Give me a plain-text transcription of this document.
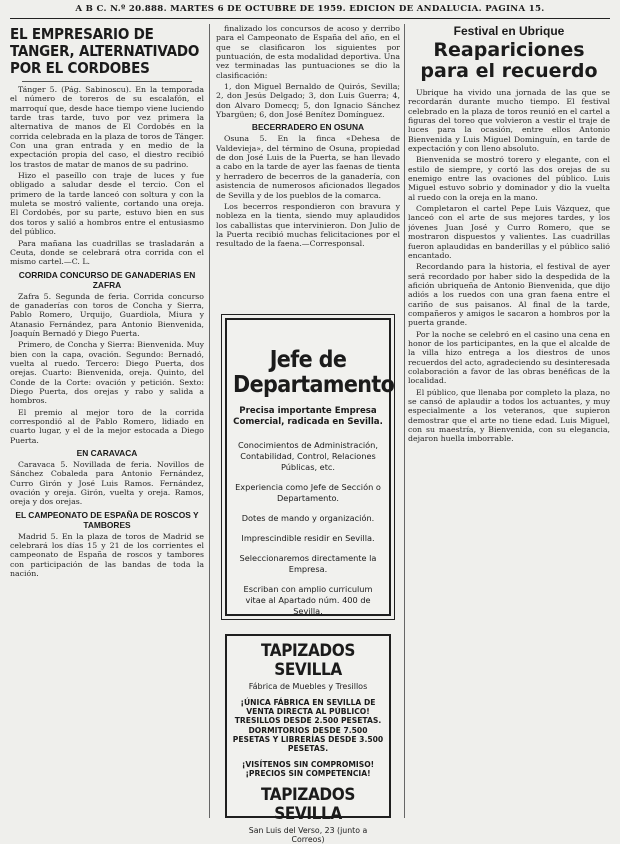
A B C. N.º 20.888. MARTES 6 DE OCTUBRE DE 1959. EDICION DE ANDALUCIA. PAGINA 15.
EL EMPRESARIO DE TANGER, ALTERNATIVADO POR EL CORDOBES

Tánger 5. (Pág. Sabinoscu). En la temporada el número de toreros de su escalafón, el marroquí que, desde hace tiempo viene luciendo tarde tras tarde, tuvo por vez primera la alternativa de manos de El Cordobés en la corrida celebrada en la plaza de toros de Tánger. Con una gran entrada y en medio de la expectación propia del caso, el diestro recibió los trastos de matar de manos de su padrino.

Hizo el paseíllo con traje de luces y fue obligado a saludar desde el tercio. Con el primero de la tarde lanceó con soltura y con la muleta se mostró valiente, cortando una oreja. El Cordobés, por su parte, estuvo bien en sus dos toros y salió a hombros entre el entusiasmo del público.

Para mañana las cuadrillas se trasladarán a Ceuta, donde se celebrará otra corrida con el mismo cartel.—C. L.

CORRIDA CONCURSO DE GANADERIAS EN ZAFRA

Zafra 5. Segunda de feria. Corrida concurso de ganaderías con toros de Concha y Sierra, Pablo Romero, Urquijo, Guardiola, Miura y Atanasio Fernández, para Antonio Bienvenida, Joaquín Bernadó y Diego Puerta.

Primero, de Concha y Sierra: Bienvenida. Muy bien con la capa, ovación. Segundo: Bernadó, vuelta al ruedo. Tercero: Diego Puerta, dos orejas. Cuarto: Bienvenida, oreja. Quinto, del Conde de la Corte: ovación y petición. Sexto: Diego Puerta, dos orejas y rabo y salida a hombros.

El premio al mejor toro de la corrida correspondió al de Pablo Romero, lidiado en cuarto lugar, y el de la mejor estocada a Diego Puerta.

EN CARAVACA

Caravaca 5. Novillada de feria. Novillos de Sánchez Cobaleda para Antonio Fernández, Curro Girón y José Luis Ramos. Fernández, ovación y oreja. Girón, vuelta y oreja. Ramos, oreja y dos orejas.

EL CAMPEONATO DE ESPAÑA DE ROSCOS Y TAMBORES

Madrid 5. En la plaza de toros de Madrid se celebrará los días 15 y 21 de los corrientes el campeonato de España de roscos y tambores con participación de las bandas de toda la nación.

finalizado los concursos de acoso y derribo para el Campeonato de España del año, en el que se clasificaron los siguientes por puntuación, de esta modalidad deportiva. Una vez terminadas las puntuaciones se dio la clasificación:

1, don Miguel Bernaldo de Quirós, Sevilla; 2, don Jesús Delgado; 3, don Luis Guerra; 4, don Alvaro Domecq; 5, don Ignacio Sánchez Ybargüen; 6, don José Benítez Domínguez.

BECERRADERO EN OSUNA

Osuna 5. En la finca «Dehesa de Valdevieja», del término de Osuna, propiedad de don José Luis de la Puerta, se han llevado a cabo en la tarde de ayer las faenas de tienta y herradero de becerros de la ganadería, con asistencia de numerosos aficionados llegados de Sevilla y de los pueblos de la comarca.

Los becerros respondieron con bravura y nobleza en la tienta, siendo muy aplaudidos los caballistas que intervinieron. Don Julio de la Puerta recibió muchas felicitaciones por el resultado de la faena.—Corresponsal.

Jefe de Departamento
Precisa importante Empresa Comercial, radicada en Sevilla.
Conocimientos de Administración, Contabilidad, Control, Relaciones Públicas, etc.
Experiencia como Jefe de Sección o Departamento.
Dotes de mando y organización.
Imprescindible residir en Sevilla.
Seleccionaremos directamente la Empresa.
Escriban con amplio curriculum vitae al Apartado núm. 400 de Sevilla.
TAPIZADOS SEVILLA
Fábrica de Muebles y Tresillos
¡ÚNICA FÁBRICA EN SEVILLA DE VENTA DIRECTA AL PÚBLICO! TRESILLOS DESDE 2.500 PESETAS. DORMITORIOS DESDE 7.500 PESETAS Y LIBRERÍAS DESDE 3.500 PESETAS.
¡VISÍTENOS SIN COMPROMISO! ¡PRECIOS SIN COMPETENCIA!
TAPIZADOS SEVILLA
San Luis del Verso, 23 (junto a Correos)
Festival en Ubrique
Reapariciones para el recuerdo

Ubrique ha vivido una jornada de las que se recordarán durante mucho tiempo. El festival celebrado en la plaza de toros reunió en el cartel a figuras del toreo que volvieron a vestir el traje de luces para la ocasión, entre ellos Antonio Bienvenida y Luis Miguel Dominguín, en tarde de expectación y con lleno absoluto.

Bienvenida se mostró torero y elegante, con el estilo de siempre, y cortó las dos orejas de su enemigo entre las ovaciones del público. Luis Miguel estuvo sobrio y dominador y dio la vuelta al ruedo con la oreja en la mano.

Completaron el cartel Pepe Luis Vázquez, que lanceó con el arte de sus mejores tardes, y los jóvenes Juan José y Curro Romero, que se mostraron dispuestos y valientes. Las cuadrillas fueron aplaudidas en banderillas y el público salió encantado.

Recordando para la historia, el festival de ayer será recordado por haber sido la despedida de la afición ubriqueña de Antonio Bienvenida, que dijo adiós a los ruedos con una gran faena entre el cariño de sus paisanos. Al final de la tarde, compañeros y amigos le sacaron a hombros por la puerta grande.

Por la noche se celebró en el casino una cena en honor de los participantes, en la que el alcalde de la villa hizo entrega a los diestros de unos recuerdos del acto, agradeciendo su desinteresada colaboración a favor de las obras benéficas de la localidad.

El público, que llenaba por completo la plaza, no se cansó de aplaudir a todos los actuantes, y muy especialmente a los veteranos, que supieron demostrar que el arte no tiene edad. Luis Miguel, con su maestría, y Bienvenida, con su elegancia, dejaron huella imborrable.
